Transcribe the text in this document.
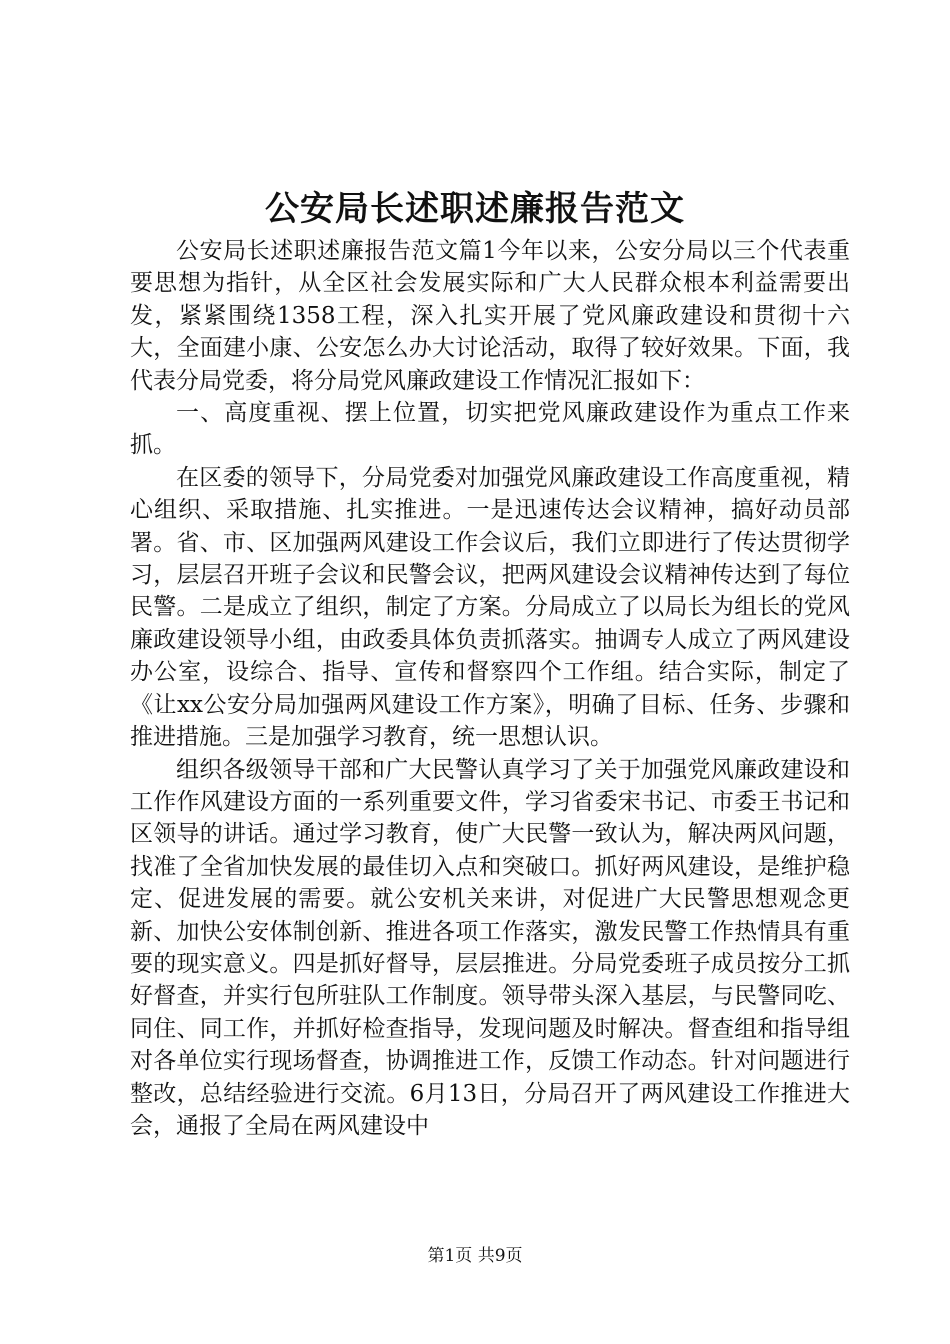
公安局长述职述廉报告范文

公安局长述职述廉报告范文篇1今年以来，公安分局以三个代表重要思想为指针，从全区社会发展实际和广大人民群众根本利益需要出发，紧紧围绕1358工程，深入扎实开展了党风廉政建设和贯彻十六大，全面建小康、公安怎么办大讨论活动，取得了较好效果。下面，我代表分局党委，将分局党风廉政建设工作情况汇报如下：

一、高度重视、摆上位置，切实把党风廉政建设作为重点工作来抓。

在区委的领导下，分局党委对加强党风廉政建设工作高度重视，精心组织、采取措施、扎实推进。一是迅速传达会议精神，搞好动员部署。省、市、区加强两风建设工作会议后，我们立即进行了传达贯彻学习，层层召开班子会议和民警会议，把两风建设会议精神传达到了每位民警。二是成立了组织，制定了方案。分局成立了以局长为组长的党风廉政建设领导小组，由政委具体负责抓落实。抽调专人成立了两风建设办公室，设综合、指导、宣传和督察四个工作组。结合实际，制定了《让xx公安分局加强两风建设工作方案》，明确了目标、任务、步骤和推进措施。三是加强学习教育，统一思想认识。

组织各级领导干部和广大民警认真学习了关于加强党风廉政建设和工作作风建设方面的一系列重要文件，学习省委宋书记、市委王书记和区领导的讲话。通过学习教育，使广大民警一致认为，解决两风问题，找准了全省加快发展的最佳切入点和突破口。抓好两风建设，是维护稳定、促进发展的需要。就公安机关来讲，对促进广大民警思想观念更新、加快公安体制创新、推进各项工作落实，激发民警工作热情具有重要的现实意义。四是抓好督导，层层推进。分局党委班子成员按分工抓好督查，并实行包所驻队工作制度。领导带头深入基层，与民警同吃、同住、同工作，并抓好检查指导，发现问题及时解决。督查组和指导组对各单位实行现场督查，协调推进工作，反馈工作动态。针对问题进行整改，总结经验进行交流。6月13日，分局召开了两风建设工作推进大会，通报了全局在两风建设中

第1页 共9页
